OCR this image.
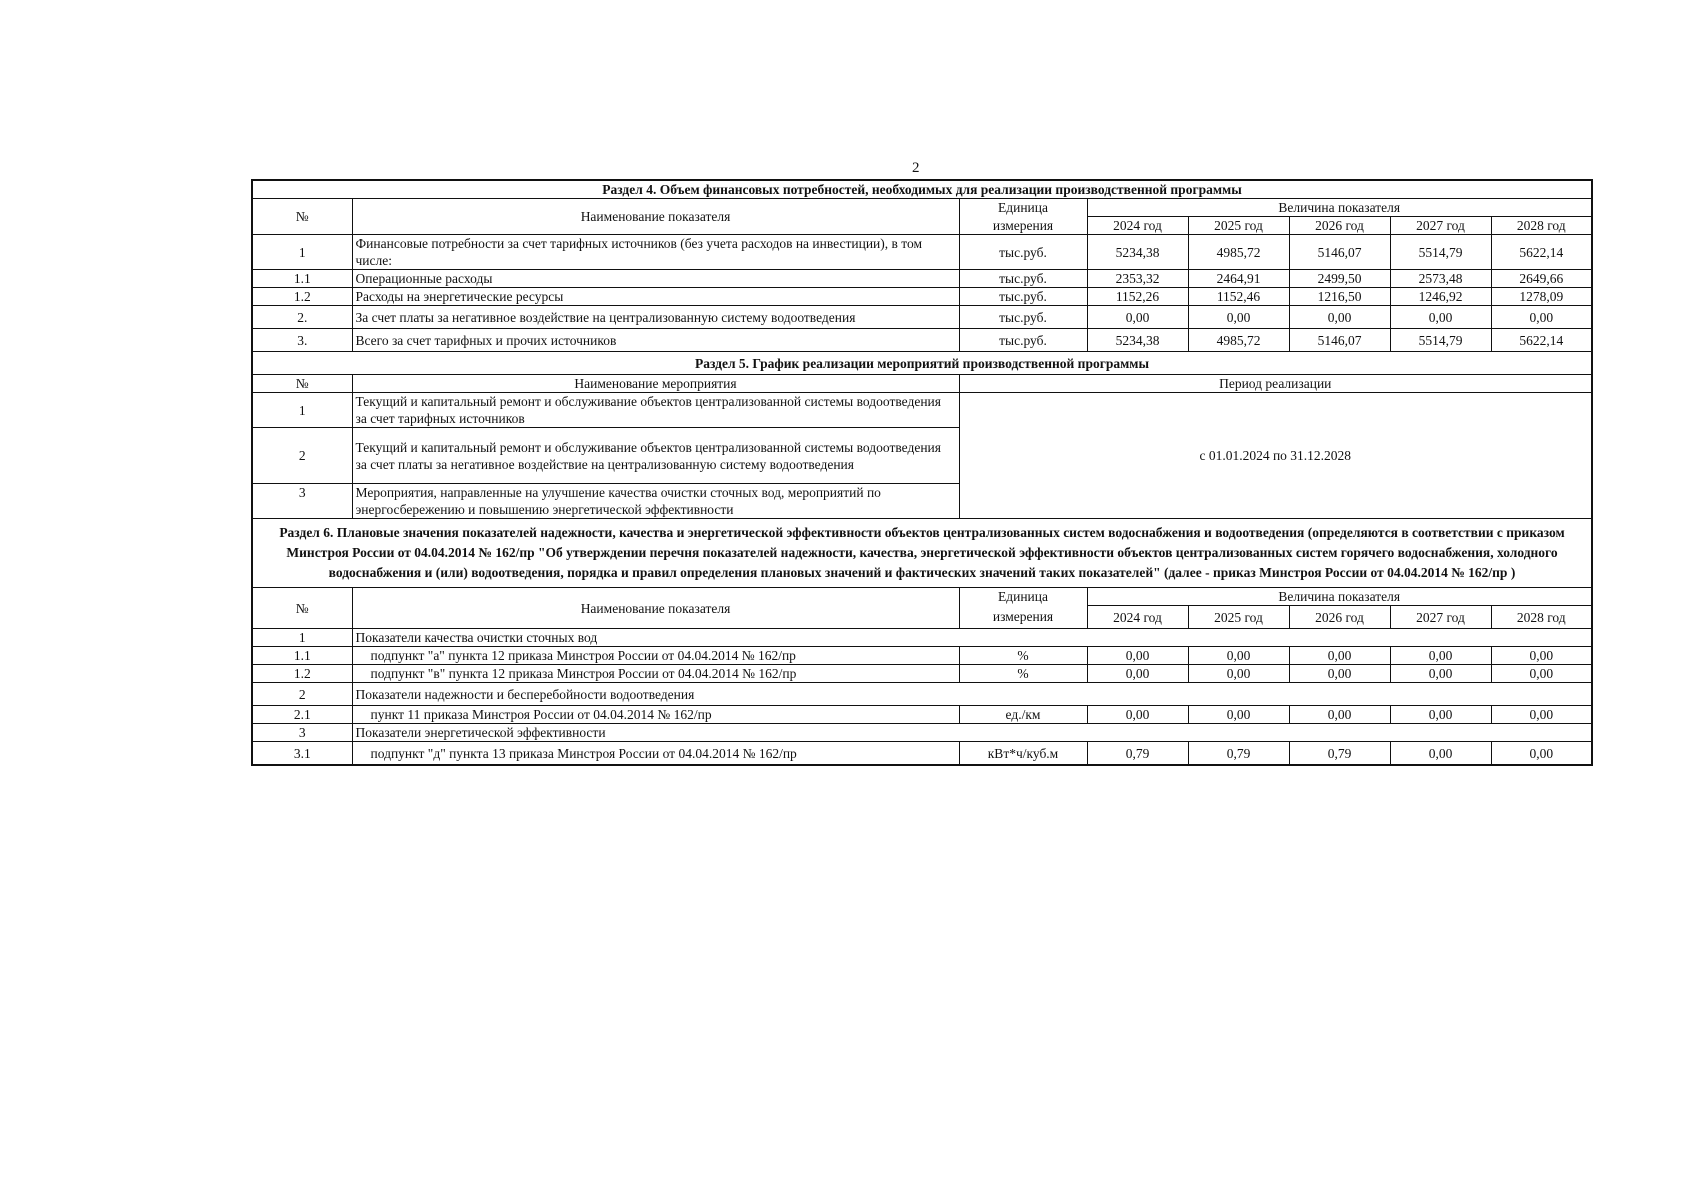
2
Раздел 4. Объем финансовых потребностей, необходимых для реализации производственной программы							
№	Наименование показателя	Единица	Величина показателя				
		измерения	2024 год	2025 год	2026 год	2027 год	2028 год
1	Финансовые потребности за счет тарифных источников (без учета расходов на инвестиции), в том числе:	тыс.руб.	5234,38	4985,72	5146,07	5514,79	5622,14
1.1	Операционные расходы	тыс.руб.	2353,32	2464,91	2499,50	2573,48	2649,66
1.2	Расходы на энергетические ресурсы	тыс.руб.	1152,26	1152,46	1216,50	1246,92	1278,09
2.	За счет платы за негативное воздействие на централизованную систему водоотведения	тыс.руб.	0,00	0,00	0,00	0,00	0,00
3.	Всего за счет тарифных и прочих источников	тыс.руб.	5234,38	4985,72	5146,07	5514,79	5622,14
Раздел 5. График реализации мероприятий производственной программы							
№	Наименование мероприятия	Период реализации					
1	Текущий и капитальный ремонт и обслуживание объектов централизованной системы водоотведения за счет тарифных источников	с 01.01.2024 по 31.12.2028					
2	Текущий и капитальный ремонт и обслуживание объектов централизованной системы водоотведения за счет платы за негативное воздействие на централизованную систему водоотведения						
3	Мероприятия, направленные на улучшение качества очистки сточных вод, мероприятий по энергосбережению и повышению энергетической эффективности						
Раздел 6. Плановые значения показателей надежности, качества и энергетической эффективности объектов централизованных систем водоснабжения и водоотведения (определяются в соответствии с приказом Минстроя России от 04.04.2014 № 162/пр "Об утверждении перечня показателей надежности, качества, энергетической эффективности объектов централизованных систем горячего водоснабжения, холодного водоснабжения и (или) водоотведения, порядка и правил определения плановых значений и фактических значений таких показателей" (далее - приказ Минстроя России от 04.04.2014 № 162/пр )							
№	Наименование показателя	Единица	Величина показателя				
		измерения	2024 год	2025 год	2026 год	2027 год	2028 год
1	Показатели качества очистки сточных вод						
1.1	подпункт "а" пункта 12 приказа Минстроя России от 04.04.2014 № 162/пр	%	0,00	0,00	0,00	0,00	0,00
1.2	подпункт "в" пункта 12 приказа Минстроя России от 04.04.2014 № 162/пр	%	0,00	0,00	0,00	0,00	0,00
2	Показатели надежности и бесперебойности водоотведения						
2.1	пункт 11 приказа Минстроя России от 04.04.2014 № 162/пр	ед./км	0,00	0,00	0,00	0,00	0,00
3	Показатели энергетической эффективности						
3.1	подпункт "д" пункта 13 приказа Минстроя России от 04.04.2014 № 162/пр	кВт*ч/куб.м	0,79	0,79	0,79	0,00	0,00
